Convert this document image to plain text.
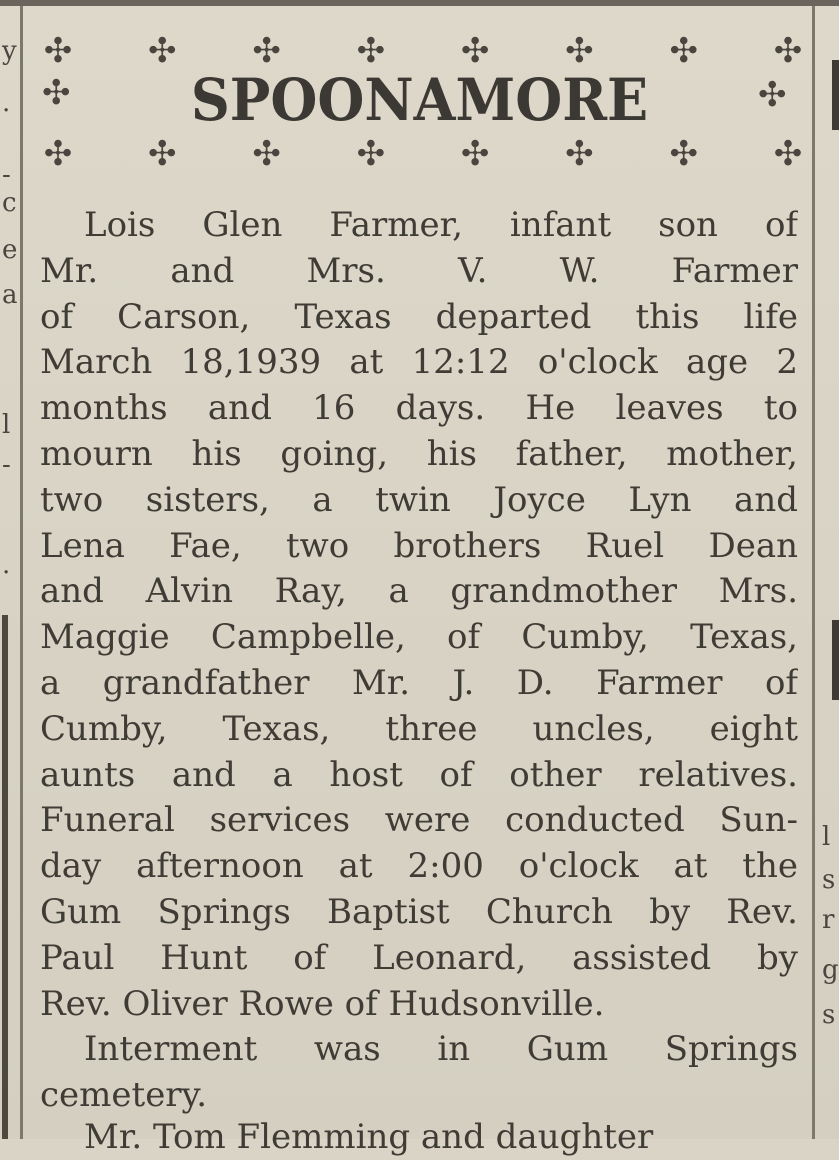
y
.
-
c
e
a
l
-
.
l
s
r
g
s
✣ ✣ ✣ ✣ ✣ ✣ ✣ ✣
✣	✣
✣ ✣ ✣ ✣ ✣ ✣ ✣ ✣
SPOONAMORE
Lois Glen Farmer, infant son of
Mr. and Mrs. V. W. Farmer
of Carson, Texas departed this life
March 18,1939 at 12:12 o'clock age 2
months and 16 days. He leaves to
mourn his going, his father, mother,
two sisters, a twin Joyce Lyn and
Lena Fae, two brothers Ruel Dean
and Alvin Ray, a grandmother Mrs.
Maggie Campbelle, of Cumby, Texas,
a grandfather Mr. J. D. Farmer of
Cumby, Texas, three uncles, eight
aunts and a host of other relatives.
Funeral services were conducted Sun-
day afternoon at 2:00 o'clock at the
Gum Springs Baptist Church by Rev.
Paul Hunt of Leonard, assisted by
Rev. Oliver Rowe of Hudsonville.
Interment was in Gum Springs
cemetery.
Mr. Tom Flemming and daughter
